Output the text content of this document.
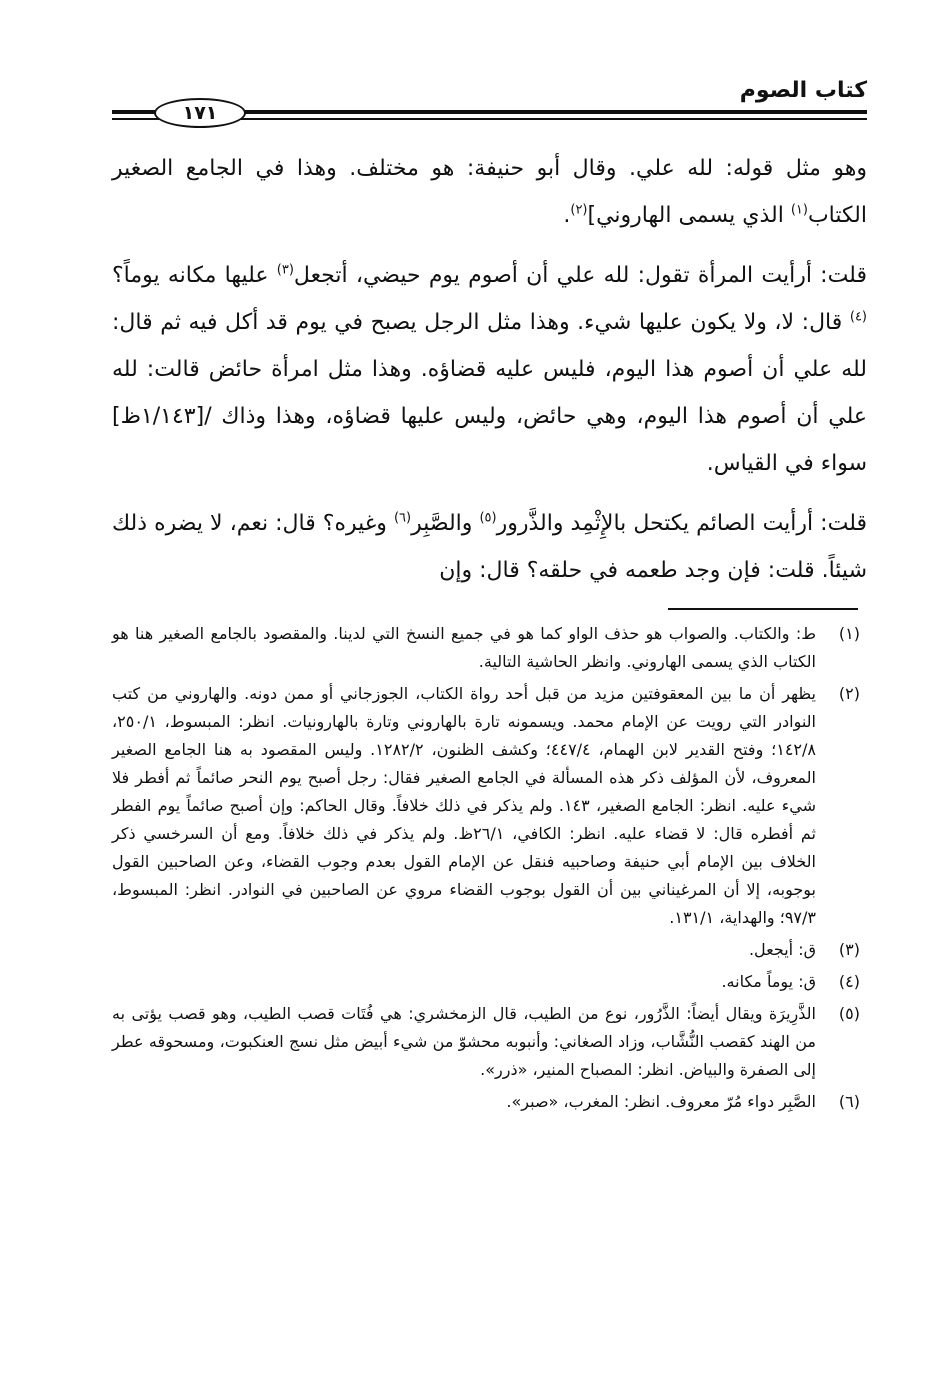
كتاب الصوم
١٧١

وهو مثل قوله: لله علي. وقال أبو حنيفة: هو مختلف. وهذا في الجامع الصغير الكتاب$^{(١)}$ الذي يسمى الهاروني]$^{(٢)}$.

قلت: أرأيت المرأة تقول: لله علي أن أصوم يوم حيضي، أتجعل$^{(٣)}$ عليها مكانه يوماً؟$^{(٤)}$ قال: لا، ولا يكون عليها شيء. وهذا مثل الرجل يصبح في يوم قد أكل فيه ثم قال: لله علي أن أصوم هذا اليوم، فليس عليه قضاؤه. وهذا مثل امرأة حائض قالت: لله علي أن أصوم هذا اليوم، وهي حائض، وليس عليها قضاؤه، وهذا وذاك /[١/١٤٣ظ] سواء في القياس.

قلت: أرأيت الصائم يكتحل بالإِثْمِد والذَّرور$^{(٥)}$ والصَّبِر$^{(٦)}$ وغيره؟ قال: نعم، لا يضره ذلك شيئاً. قلت: فإن وجد طعمه في حلقه؟ قال: وإن

(١)
ط: والكتاب. والصواب هو حذف الواو كما هو في جميع النسخ التي لدينا. والمقصود بالجامع الصغير هنا هو الكتاب الذي يسمى الهاروني. وانظر الحاشية التالية.
(٢)
يظهر أن ما بين المعقوفتين مزيد من قبل أحد رواة الكتاب، الجوزجاني أو ممن دونه. والهاروني من كتب النوادر التي رويت عن الإمام محمد. ويسمونه تارة بالهاروني وتارة بالهارونيات. انظر: المبسوط، ٢٥٠/١، ١٤٢/٨؛ وفتح القدير لابن الهمام، ٤٤٧/٤؛ وكشف الظنون، ١٢٨٢/٢. وليس المقصود به هنا الجامع الصغير المعروف، لأن المؤلف ذكر هذه المسألة في الجامع الصغير فقال: رجل أصبح يوم النحر صائماً ثم أفطر فلا شيء عليه. انظر: الجامع الصغير، ١٤٣. ولم يذكر في ذلك خلافاً. وقال الحاكم: وإن أصبح صائماً يوم الفطر ثم أفطره قال: لا قضاء عليه. انظر: الكافي، ٢٦/١ظ. ولم يذكر في ذلك خلافاً. ومع أن السرخسي ذكر الخلاف بين الإمام أبي حنيفة وصاحبيه فنقل عن الإمام القول بعدم وجوب القضاء، وعن الصاحبين القول بوجوبه، إلا أن المرغيناني بين أن القول بوجوب القضاء مروي عن الصاحبين في النوادر. انظر: المبسوط، ٩٧/٣؛ والهداية، ١٣١/١.
(٣)
ق: أيجعل.
(٤)
ق: يوماً مكانه.
(٥)
الذَّرِيرَة ويقال أيضاً: الذَّرُور، نوع من الطيب، قال الزمخشري: هي فُتَات قصب الطيب، وهو قصب يؤتى به من الهند كقصب النُّشَّاب، وزاد الصغاني: وأنبوبه محشوّ من شيء أبيض مثل نسج العنكبوت، ومسحوقه عطر إلى الصفرة والبياض. انظر: المصباح المنير، «ذرر».
(٦)
الصَّبِر دواء مُرّ معروف. انظر: المغرب، «صبر».
